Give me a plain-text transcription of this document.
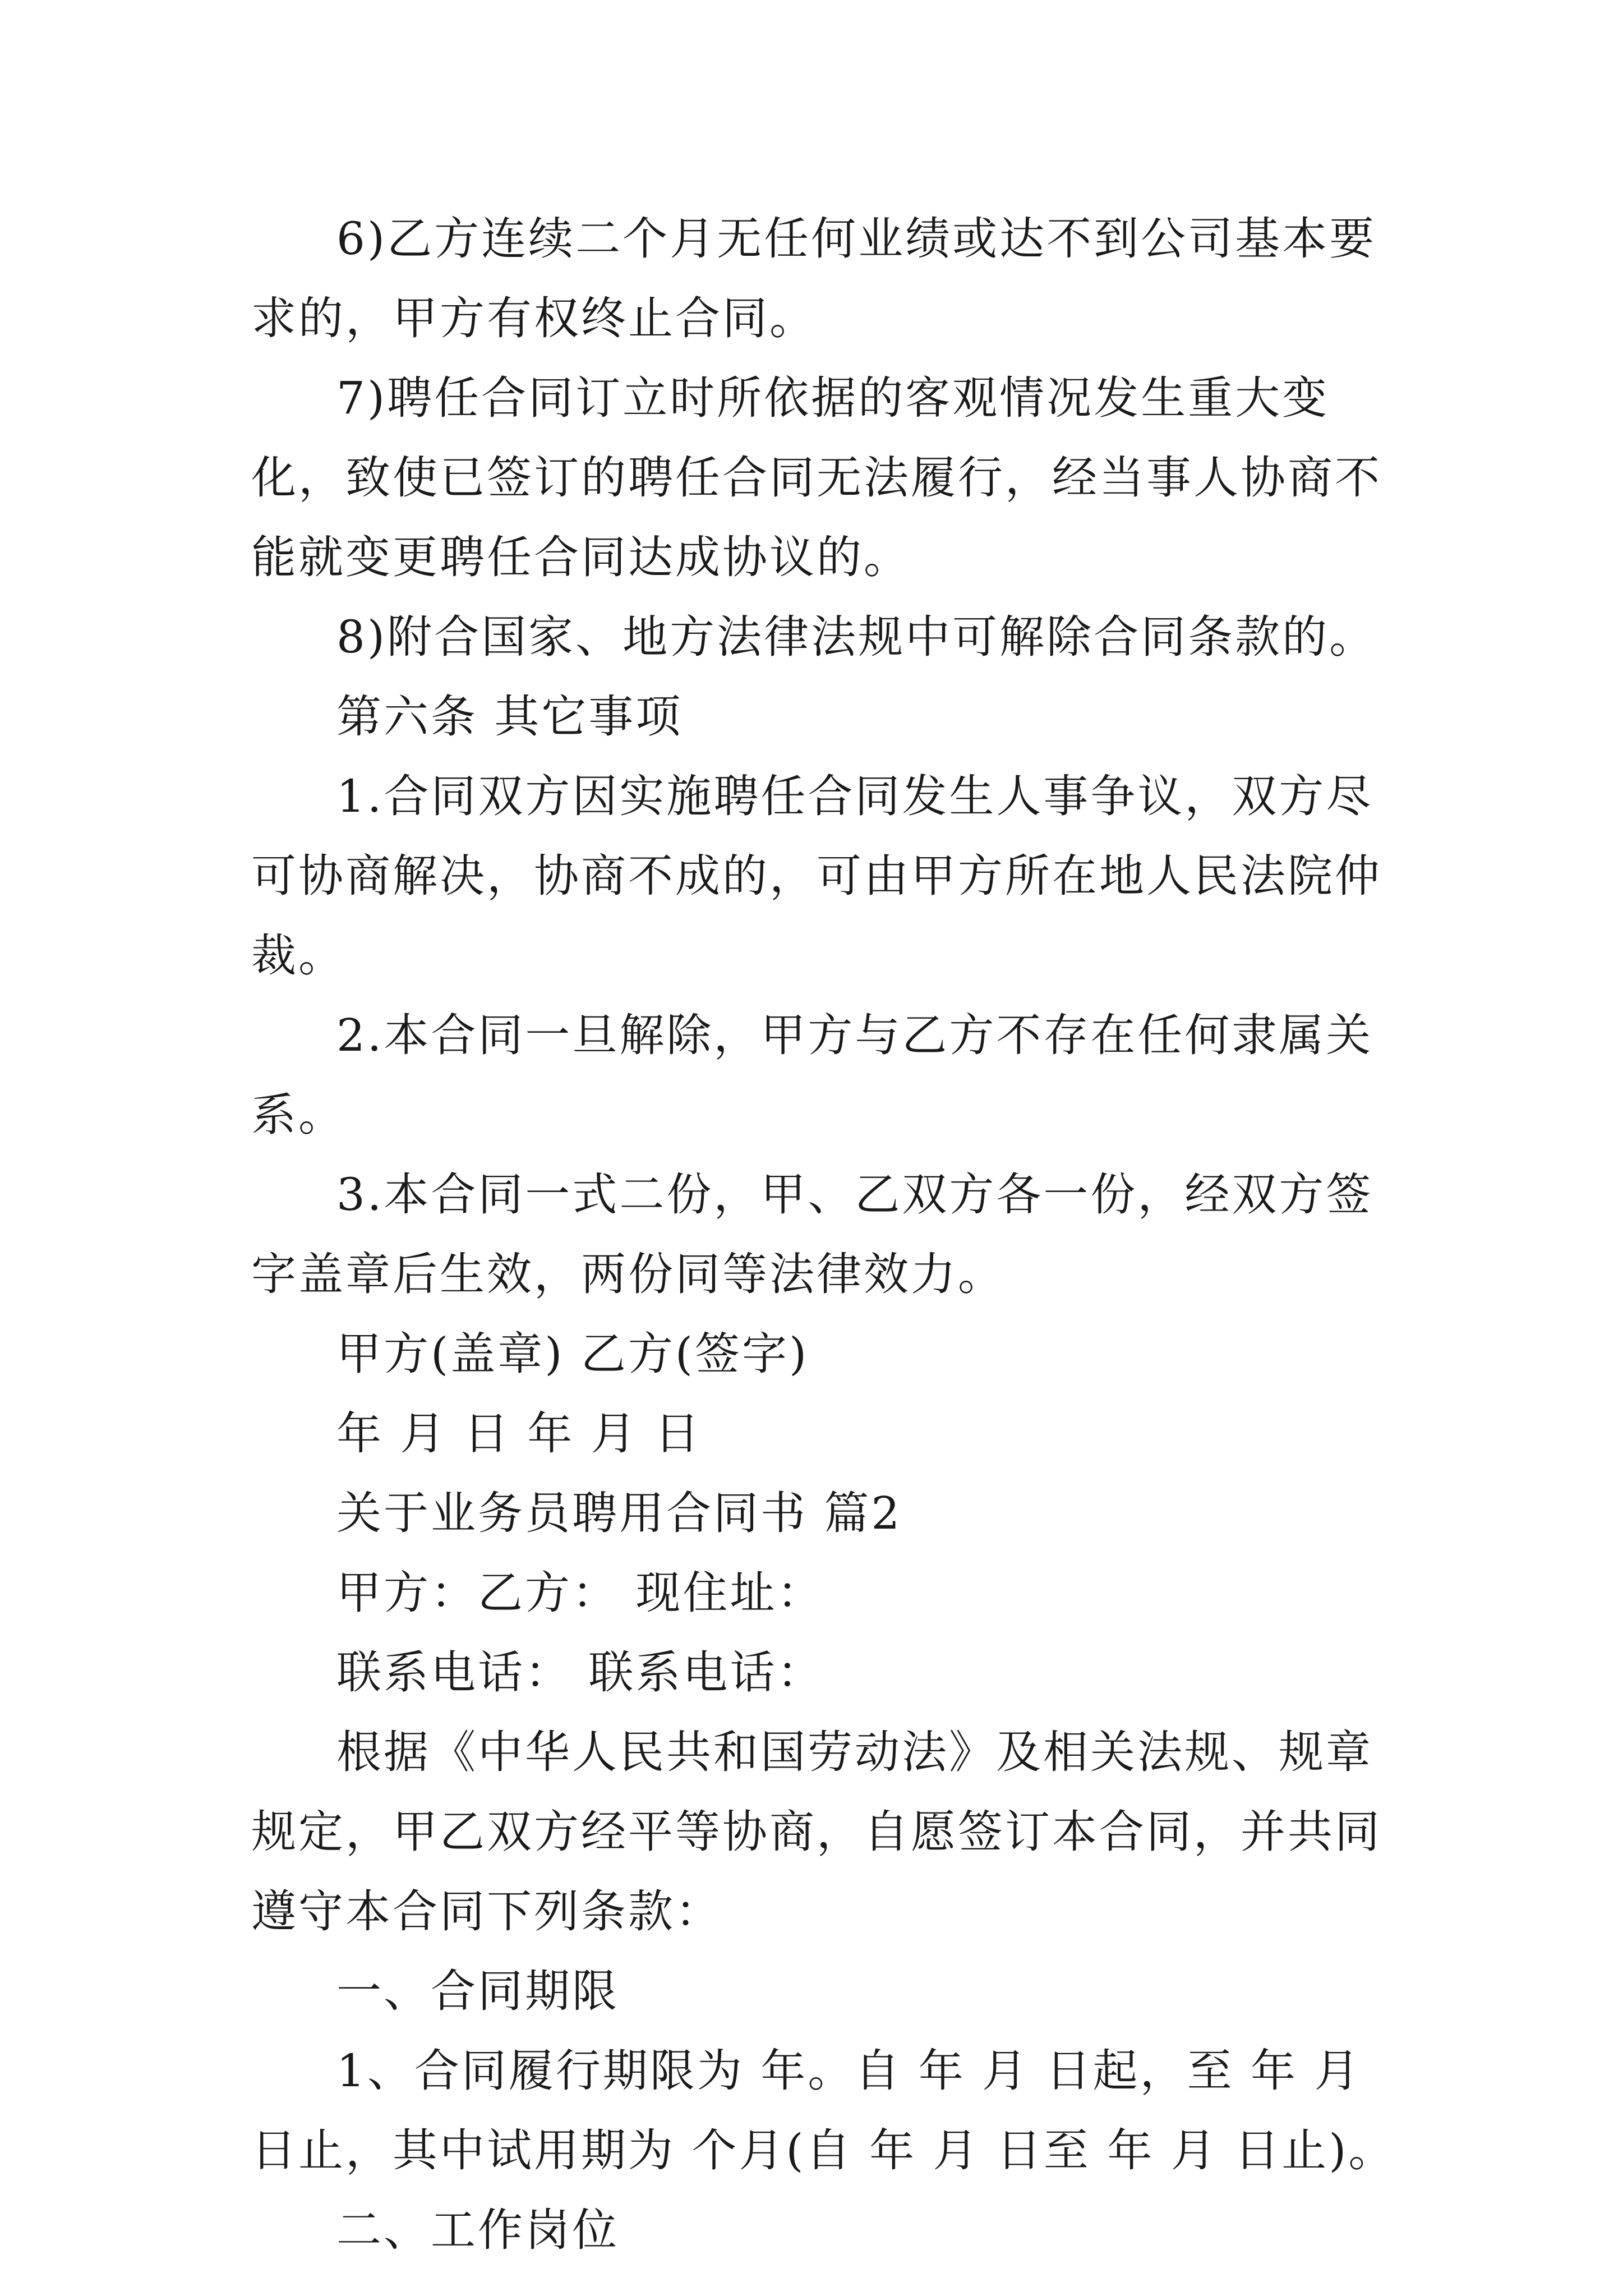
6)乙方连续二个月无任何业绩或达不到公司基本要求的，甲方有权终止合同。

7)聘任合同订立时所依据的客观情况发生重大变化，致使已签订的聘任合同无法履行，经当事人协商不能就变更聘任合同达成协议的。

8)附合国家、地方法律法规中可解除合同条款的。

第六条 其它事项

1.合同双方因实施聘任合同发生人事争议，双方尽可协商解决，协商不成的，可由甲方所在地人民法院仲裁。

2.本合同一旦解除，甲方与乙方不存在任何隶属关系。

3.本合同一式二份，甲、乙双方各一份，经双方签字盖章后生效，两份同等法律效力。

甲方(盖章) 乙方(签字)

年 月 日 年 月 日

关于业务员聘用合同书 篇2

甲方：乙方： 现住址：

联系电话： 联系电话：

根据《中华人民共和国劳动法》及相关法规、规章规定，甲乙双方经平等协商，自愿签订本合同，并共同遵守本合同下列条款：

一、合同期限

1、合同履行期限为 年。自 年 月 日起，至 年 月 日止，其中试用期为 个月(自 年 月 日至 年 月 日止)。

二、工作岗位
